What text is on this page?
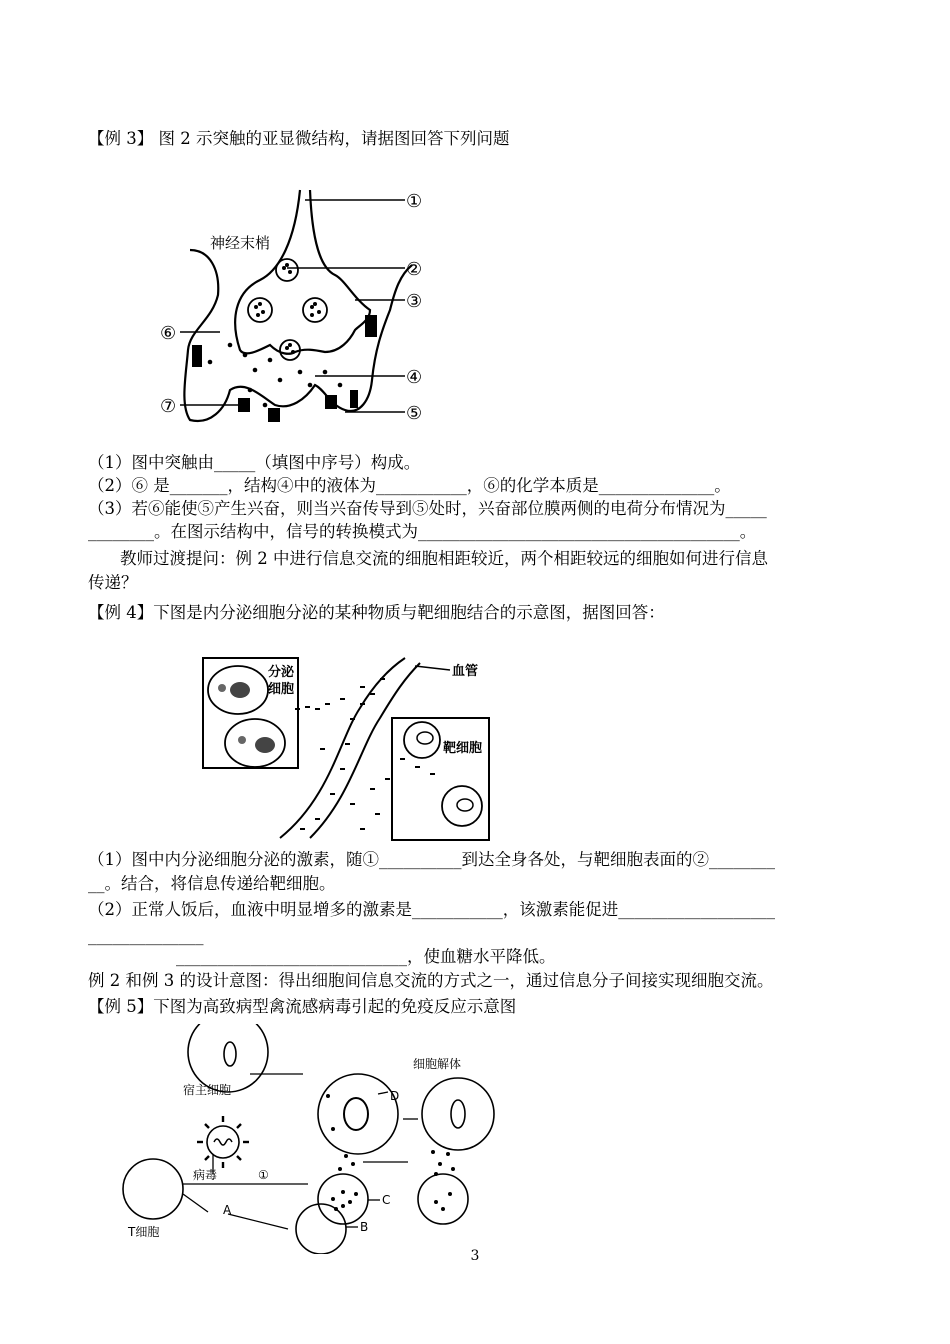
【例 3】 图 2 示突触的亚显微结构，请据图回答下列问题
神经末梢
①
②
③
④
⑤
⑥
⑦
（1）图中突触由_____（填图中序号）构成。
（2）⑥ 是_______，结构④中的液体为___________，⑥的化学本质是______________。
（3）若⑥能使⑤产生兴奋，则当兴奋传导到⑤处时，兴奋部位膜两侧的电荷分布情况为_____
________。在图示结构中，信号的转换模式为_______________________________________。
教师过渡提问：例 2 中进行信息交流的细胞相距较近，两个相距较远的细胞如何进行信息
传递？
【例 4】下图是内分泌细胞分泌的某种物质与靶细胞结合的示意图，据图回答：
分泌
细胞
血管
靶细胞
（1）图中内分泌细胞分泌的激素，随①__________到达全身各处，与靶细胞表面的②________
__。结合，将信息传递给靶细胞。
（2）正常人饭后，血液中明显增多的激素是___________，该激素能促进___________________
______________
____________________________，使血糖水平降低。
例 2 和例 3 的设计意图：得出细胞间信息交流的方式之一，通过信息分子间接实现细胞交流。
【例 5】下图为高致病型禽流感病毒引起的免疫反应示意图
宿主细胞
病毒
T细胞
细胞解体
①
A
B
C
D
3
